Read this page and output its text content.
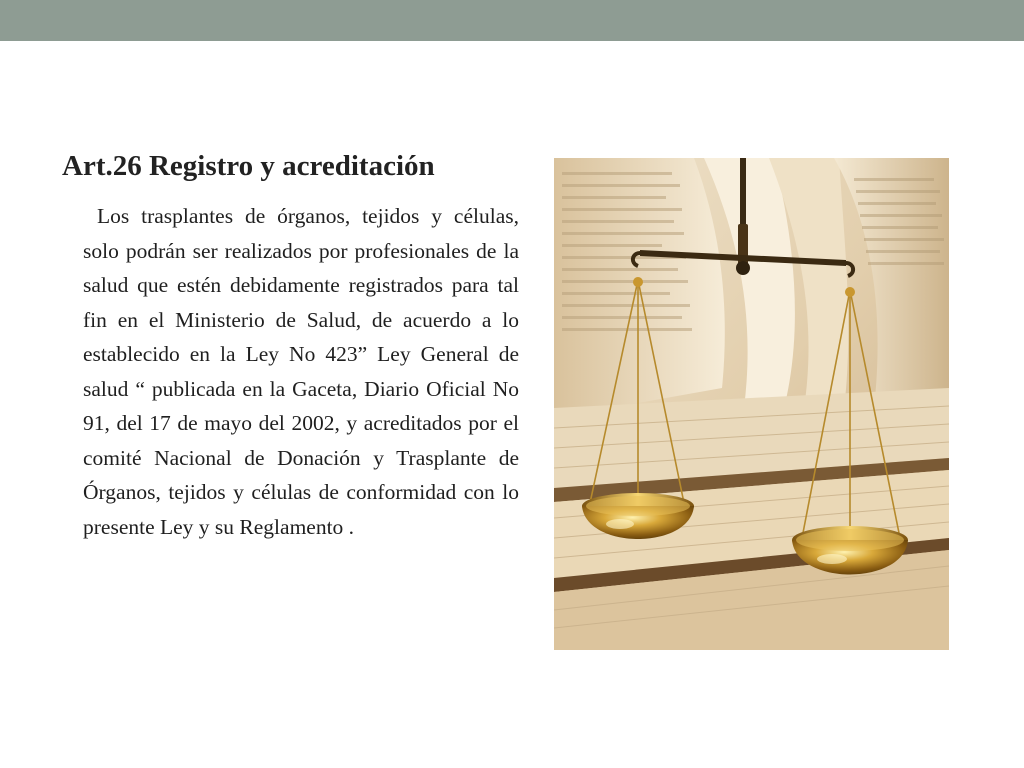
Art.26 Registro y acreditación

Los trasplantes de órganos, tejidos y células, solo podrán ser realizados por profesionales de la salud que estén debidamente registrados para tal fin en el Ministerio de Salud, de acuerdo a lo establecido en la Ley No 423” Ley General de salud “ publicada en la Gaceta, Diario Oficial No 91, del 17 de mayo del 2002, y acreditados por el comité Nacional de Donación y Trasplante de Órganos, tejidos y células de conformidad con lo presente Ley y su Reglamento .
